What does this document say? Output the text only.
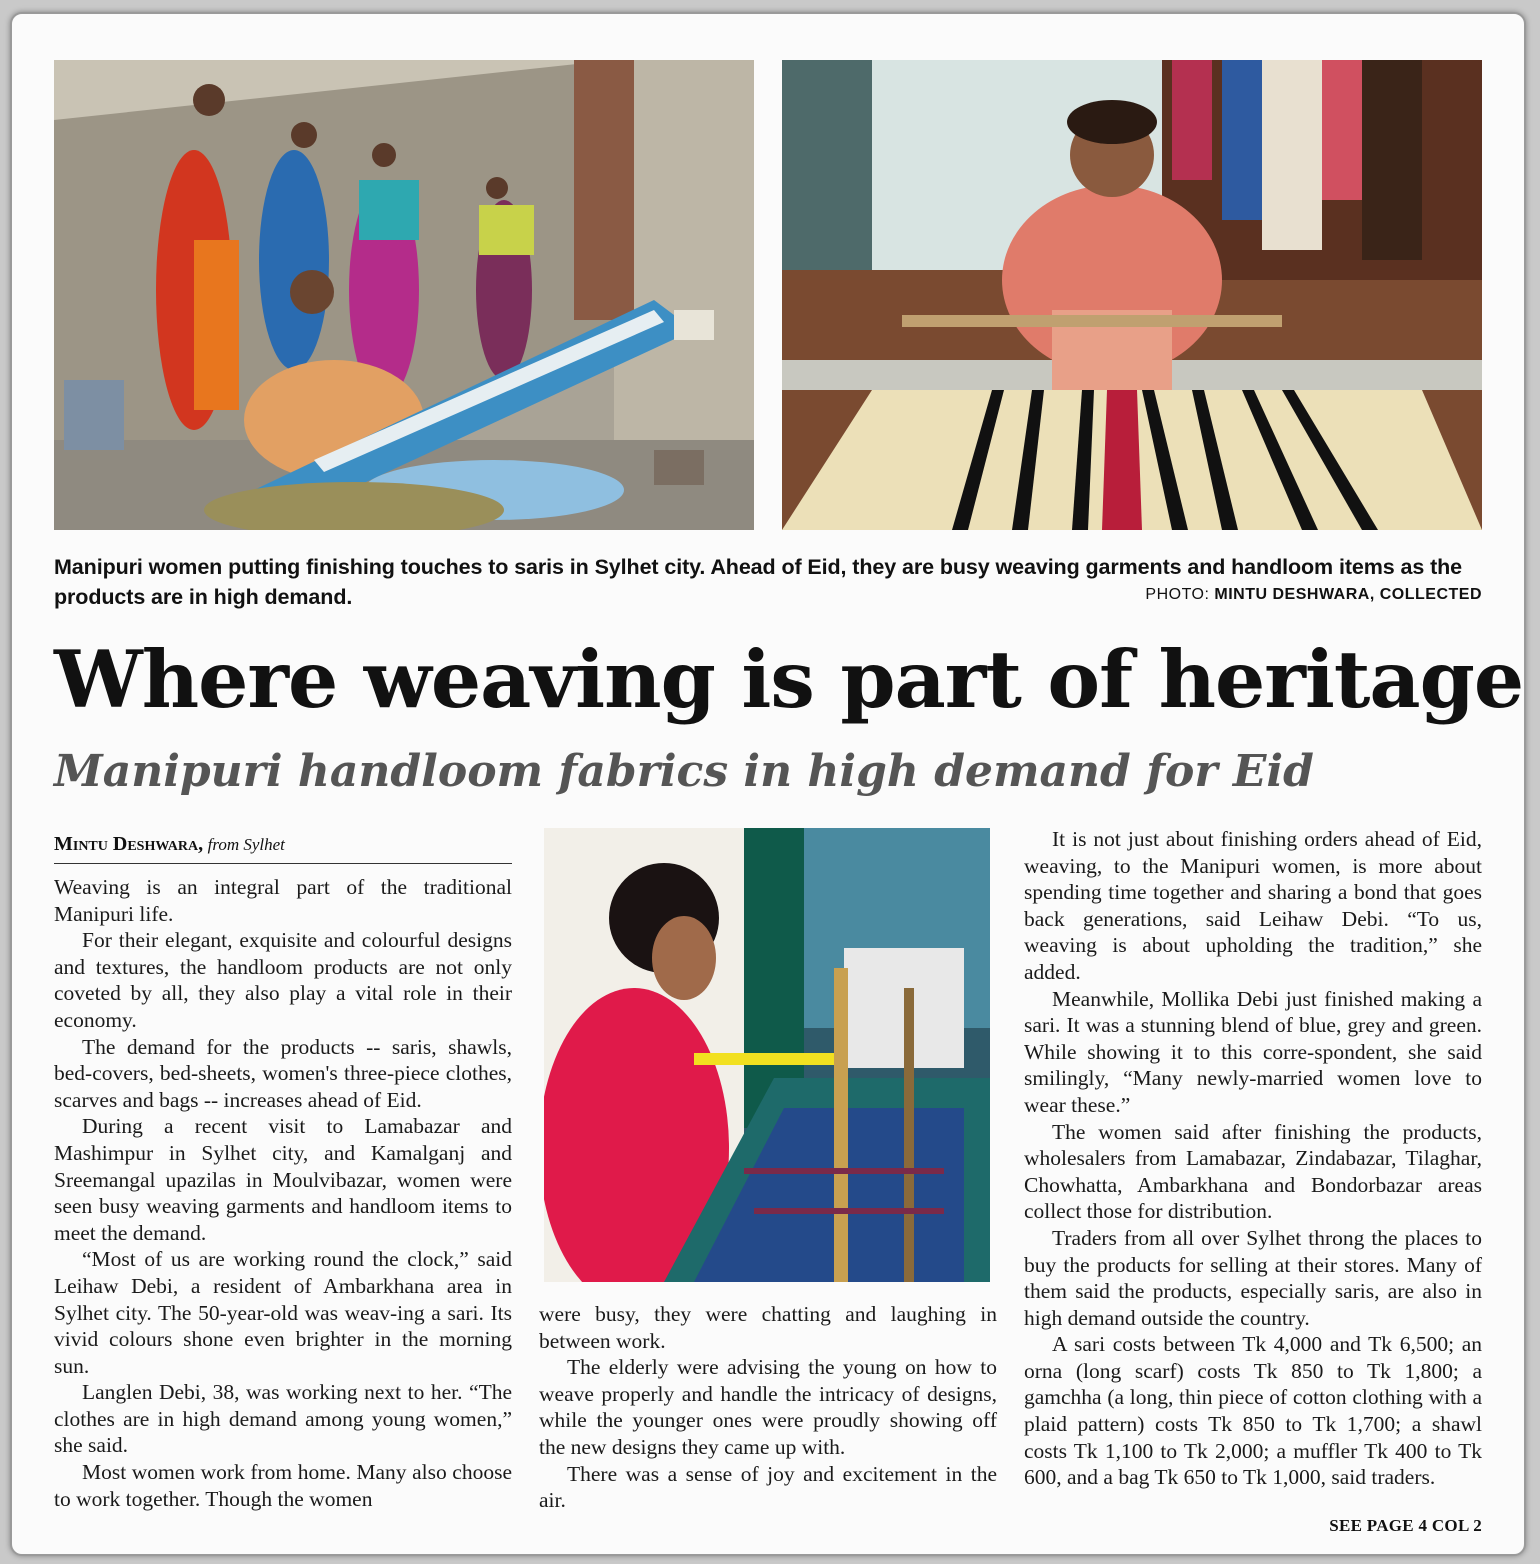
Manipuri women putting finishing touches to saris in Sylhet city. Ahead of Eid, they are busy weaving garments and handloom items as the products are in high demand.	PHOTO: MINTU DESHWARA, COLLECTED
Where weaving is part of heritage
Manipuri handloom fabrics in high demand for Eid
Mintu Deshwara, from Sylhet

Weaving is an integral part of the traditional Manipuri life.

For their elegant, exquisite and colourful designs and textures, the handloom products are not only coveted by all, they also play a vital role in their economy.

The demand for the products -- saris, shawls, bed-covers, bed-sheets, women's three-piece clothes, scarves and bags -- increases ahead of Eid.

During a recent visit to Lamabazar and Mashimpur in Sylhet city, and Kamalganj and Sreemangal upazilas in Moulvibazar, women were seen busy weaving garments and handloom items to meet the demand.

“Most of us are working round the clock,” said Leihaw Debi, a resident of Ambarkhana area in Sylhet city. The 50-year-old was weav-ing a sari. Its vivid colours shone even brighter in the morning sun.

Langlen Debi, 38, was working next to her. “The clothes are in high demand among young women,” she said.

Most women work from home. Many also choose to work together. Though the women

were busy, they were chatting and laughing in between work.

The elderly were advising the young on how to weave properly and handle the intricacy of designs, while the younger ones were proudly showing off the new designs they came up with.

There was a sense of joy and excitement in the air.

It is not just about finishing orders ahead of Eid, weaving, to the Manipuri women, is more about spending time together and sharing a bond that goes back generations, said Leihaw Debi. “To us, weaving is about upholding the tradition,” she added.

Meanwhile, Mollika Debi just finished making a sari. It was a stunning blend of blue, grey and green. While showing it to this corre-spondent, she said smilingly, “Many newly-married women love to wear these.”

The women said after finishing the products, wholesalers from Lamabazar, Zindabazar, Tilaghar, Chowhatta, Ambarkhana and Bondorbazar areas collect those for distribution.

Traders from all over Sylhet throng the places to buy the products for selling at their stores. Many of them said the products, especially saris, are also in high demand outside the country.

A sari costs between Tk 4,000 and Tk 6,500; an orna (long scarf) costs Tk 850 to Tk 1,800; a gamchha (a long, thin piece of cotton clothing with a plaid pattern) costs Tk 850 to Tk 1,700; a shawl costs Tk 1,100 to Tk 2,000; a muffler Tk 400 to Tk 600, and a bag Tk 650 to Tk 1,000, said traders.

SEE PAGE 4 COL 2
